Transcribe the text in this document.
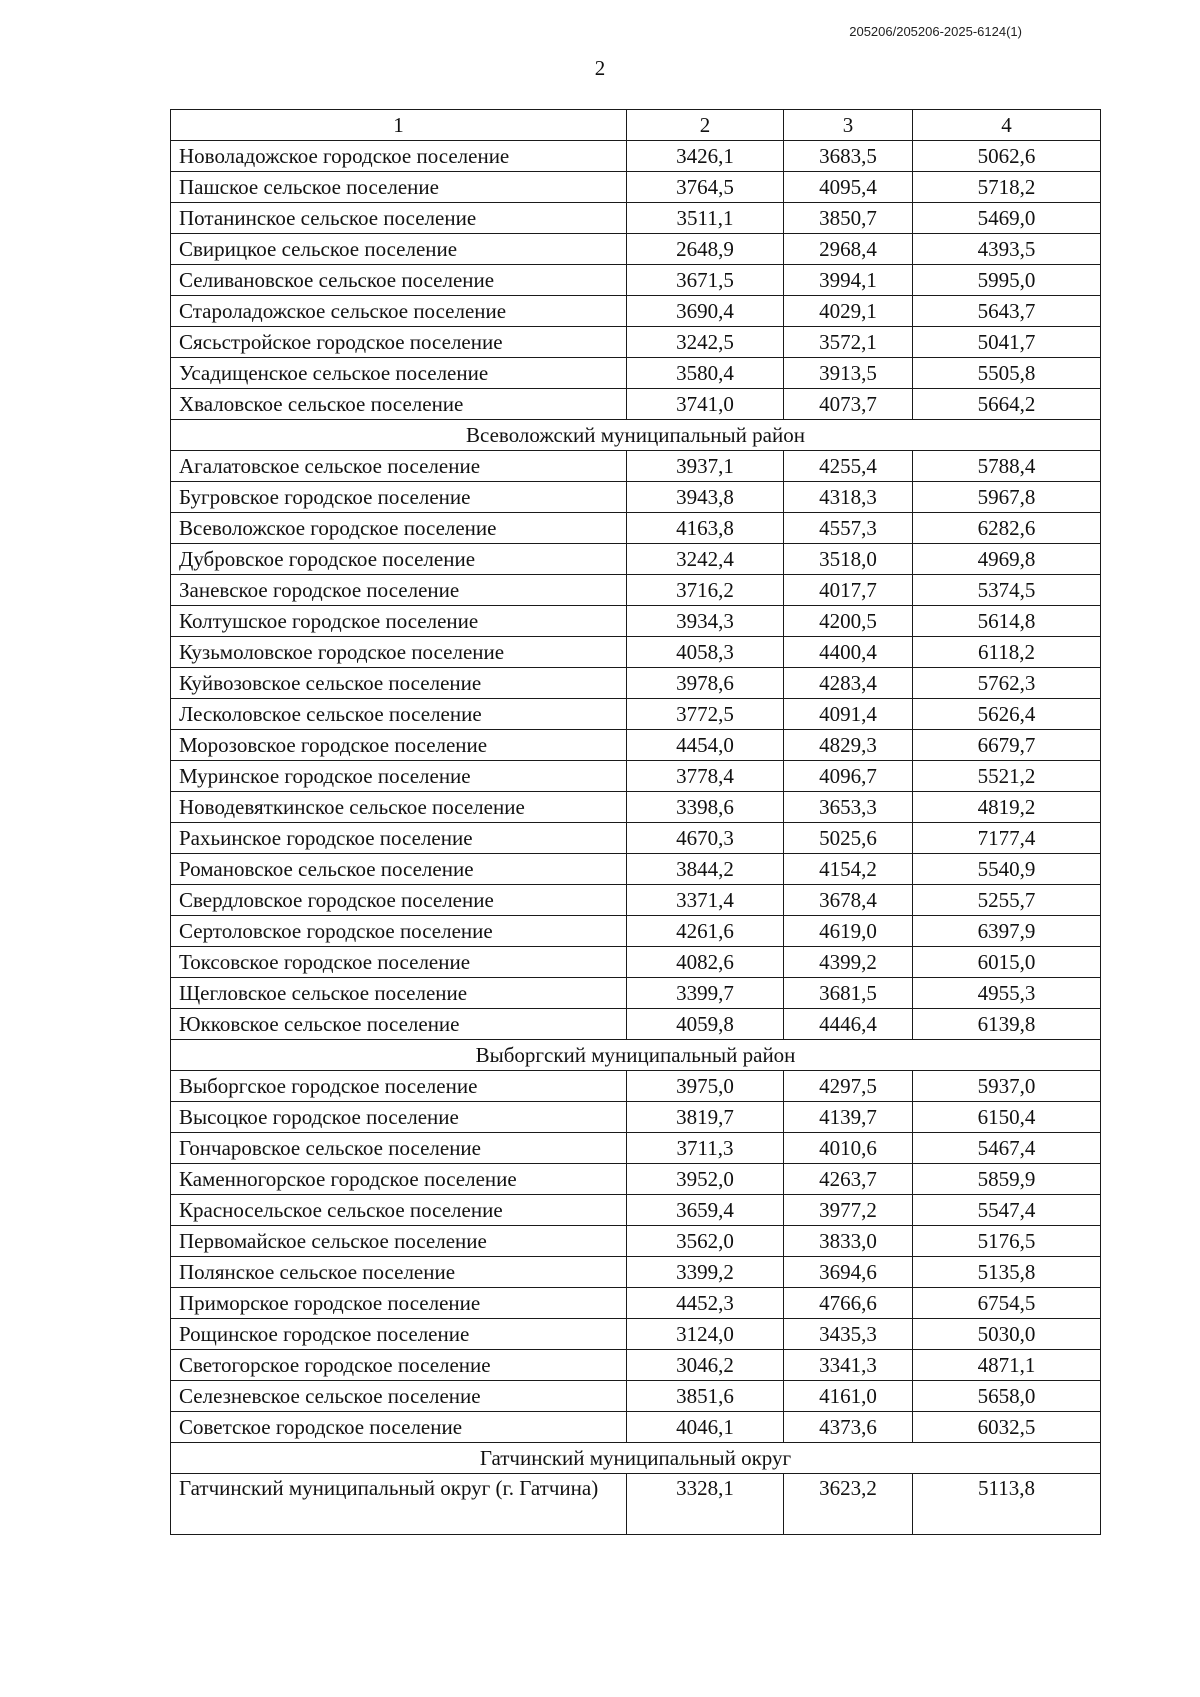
205206/205206-2025-6124(1)
2
1	2	3	4
Новоладожское городское поселение	3426,1	3683,5	5062,6
Пашское сельское поселение	3764,5	4095,4	5718,2
Потанинское сельское поселение	3511,1	3850,7	5469,0
Свирицкое сельское поселение	2648,9	2968,4	4393,5
Селивановское сельское поселение	3671,5	3994,1	5995,0
Староладожское сельское поселение	3690,4	4029,1	5643,7
Сясьстройское городское поселение	3242,5	3572,1	5041,7
Усадищенское сельское поселение	3580,4	3913,5	5505,8
Хваловское сельское поселение	3741,0	4073,7	5664,2
Всеволожский муниципальный район			
Агалатовское сельское поселение	3937,1	4255,4	5788,4
Бугровское городское поселение	3943,8	4318,3	5967,8
Всеволожское городское поселение	4163,8	4557,3	6282,6
Дубровское городское поселение	3242,4	3518,0	4969,8
Заневское городское поселение	3716,2	4017,7	5374,5
Колтушское городское поселение	3934,3	4200,5	5614,8
Кузьмоловское городское поселение	4058,3	4400,4	6118,2
Куйвозовское сельское поселение	3978,6	4283,4	5762,3
Лесколовское сельское поселение	3772,5	4091,4	5626,4
Морозовское городское поселение	4454,0	4829,3	6679,7
Муринское городское поселение	3778,4	4096,7	5521,2
Новодевяткинское сельское поселение	3398,6	3653,3	4819,2
Рахьинское городское поселение	4670,3	5025,6	7177,4
Романовское сельское поселение	3844,2	4154,2	5540,9
Свердловское городское поселение	3371,4	3678,4	5255,7
Сертоловское городское поселение	4261,6	4619,0	6397,9
Токсовское городское поселение	4082,6	4399,2	6015,0
Щегловское сельское поселение	3399,7	3681,5	4955,3
Юкковское сельское поселение	4059,8	4446,4	6139,8
Выборгский муниципальный район			
Выборгское городское поселение	3975,0	4297,5	5937,0
Высоцкое городское поселение	3819,7	4139,7	6150,4
Гончаровское сельское поселение	3711,3	4010,6	5467,4
Каменногорское городское поселение	3952,0	4263,7	5859,9
Красносельское сельское поселение	3659,4	3977,2	5547,4
Первомайское сельское поселение	3562,0	3833,0	5176,5
Полянское сельское поселение	3399,2	3694,6	5135,8
Приморское городское поселение	4452,3	4766,6	6754,5
Рощинское городское поселение	3124,0	3435,3	5030,0
Светогорское городское поселение	3046,2	3341,3	4871,1
Селезневское сельское поселение	3851,6	4161,0	5658,0
Советское городское поселение	4046,1	4373,6	6032,5
Гатчинский муниципальный округ			
Гатчинский муниципальный округ (г. Гатчина)	3328,1	3623,2	5113,8
